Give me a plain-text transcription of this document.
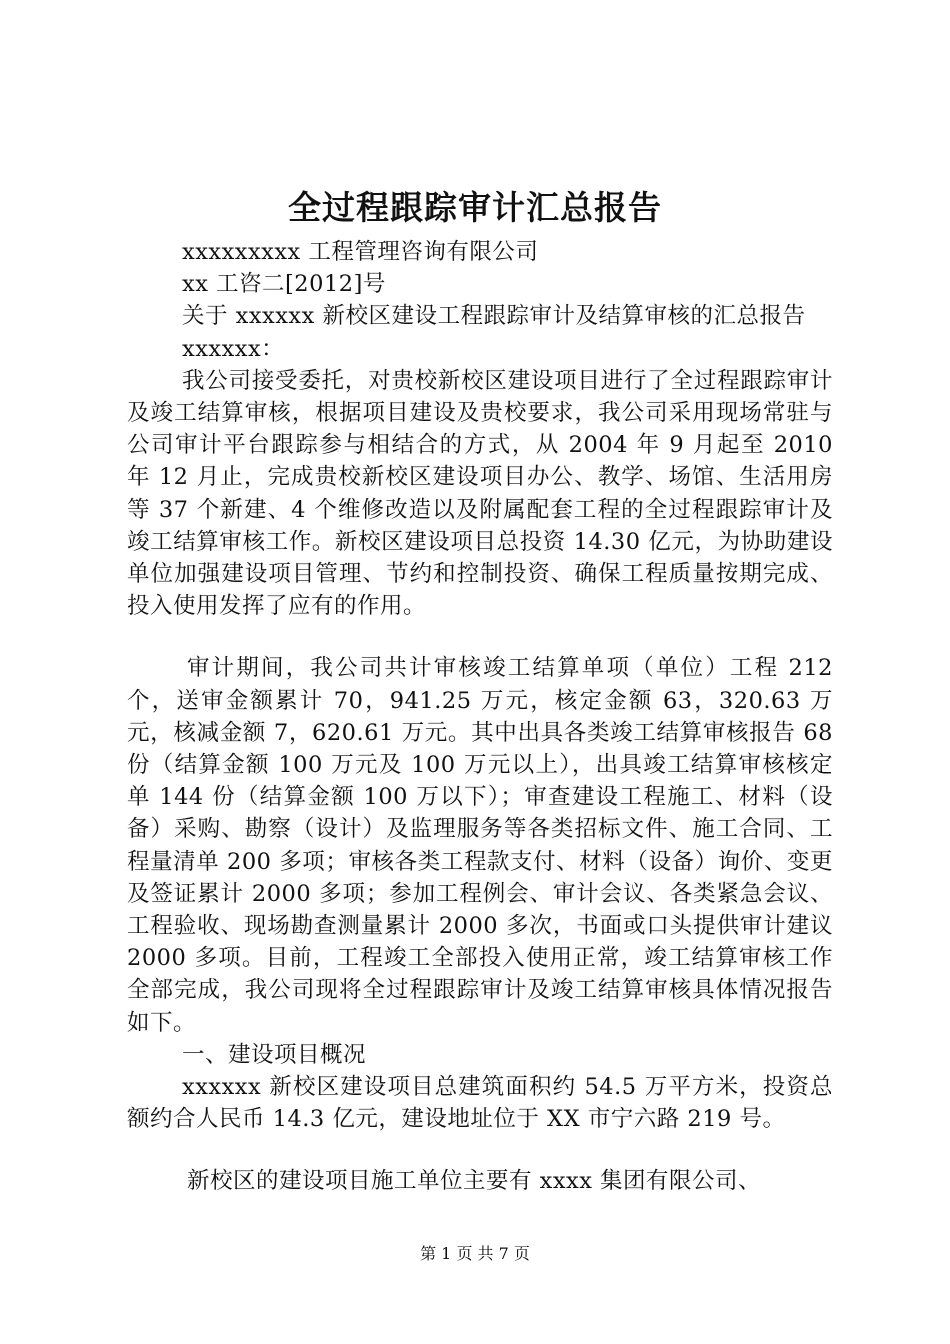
全过程跟踪审计汇总报告

xxxxxxxxx 工程管理咨询有限公司

xx 工咨二[2012]号

关于 xxxxxx 新校区建设工程跟踪审计及结算审核的汇总报告

xxxxxx：

我公司接受委托，对贵校新校区建设项目进行了全过程跟踪审计及竣工结算审核，根据项目建设及贵校要求，我公司采用现场常驻与公司审计平台跟踪参与相结合的方式，从 2004 年 9 月起至 2010 年 12 月止，完成贵校新校区建设项目办公、教学、场馆、生活用房等 37 个新建、4 个维修改造以及附属配套工程的全过程跟踪审计及竣工结算审核工作。新校区建设项目总投资 14.30 亿元，为协助建设单位加强建设项目管理、节约和控制投资、确保工程质量按期完成、投入使用发挥了应有的作用。

审计期间，我公司共计审核竣工结算单项（单位）工程 212 个，送审金额累计 70，941.25 万元，核定金额 63，320.63 万元，核减金额 7，620.61 万元。其中出具各类竣工结算审核报告 68 份（结算金额 100 万元及 100 万元以上），出具竣工结算审核核定单 144 份（结算金额 100 万以下）；审查建设工程施工、材料（设备）采购、勘察（设计）及监理服务等各类招标文件、施工合同、工程量清单 200 多项；审核各类工程款支付、材料（设备）询价、变更及签证累计 2000 多项；参加工程例会、审计会议、各类紧急会议、工程验收、现场勘查测量累计 2000 多次，书面或口头提供审计建议 2000 多项。目前，工程竣工全部投入使用正常，竣工结算审核工作全部完成，我公司现将全过程跟踪审计及竣工结算审核具体情况报告如下。

一、建设项目概况

xxxxxx 新校区建设项目总建筑面积约 54.5 万平方米，投资总额约合人民币 14.3 亿元，建设地址位于 XX 市宁六路 219 号。

新校区的建设项目施工单位主要有 xxxx 集团有限公司、

第 1 页 共 7 页
